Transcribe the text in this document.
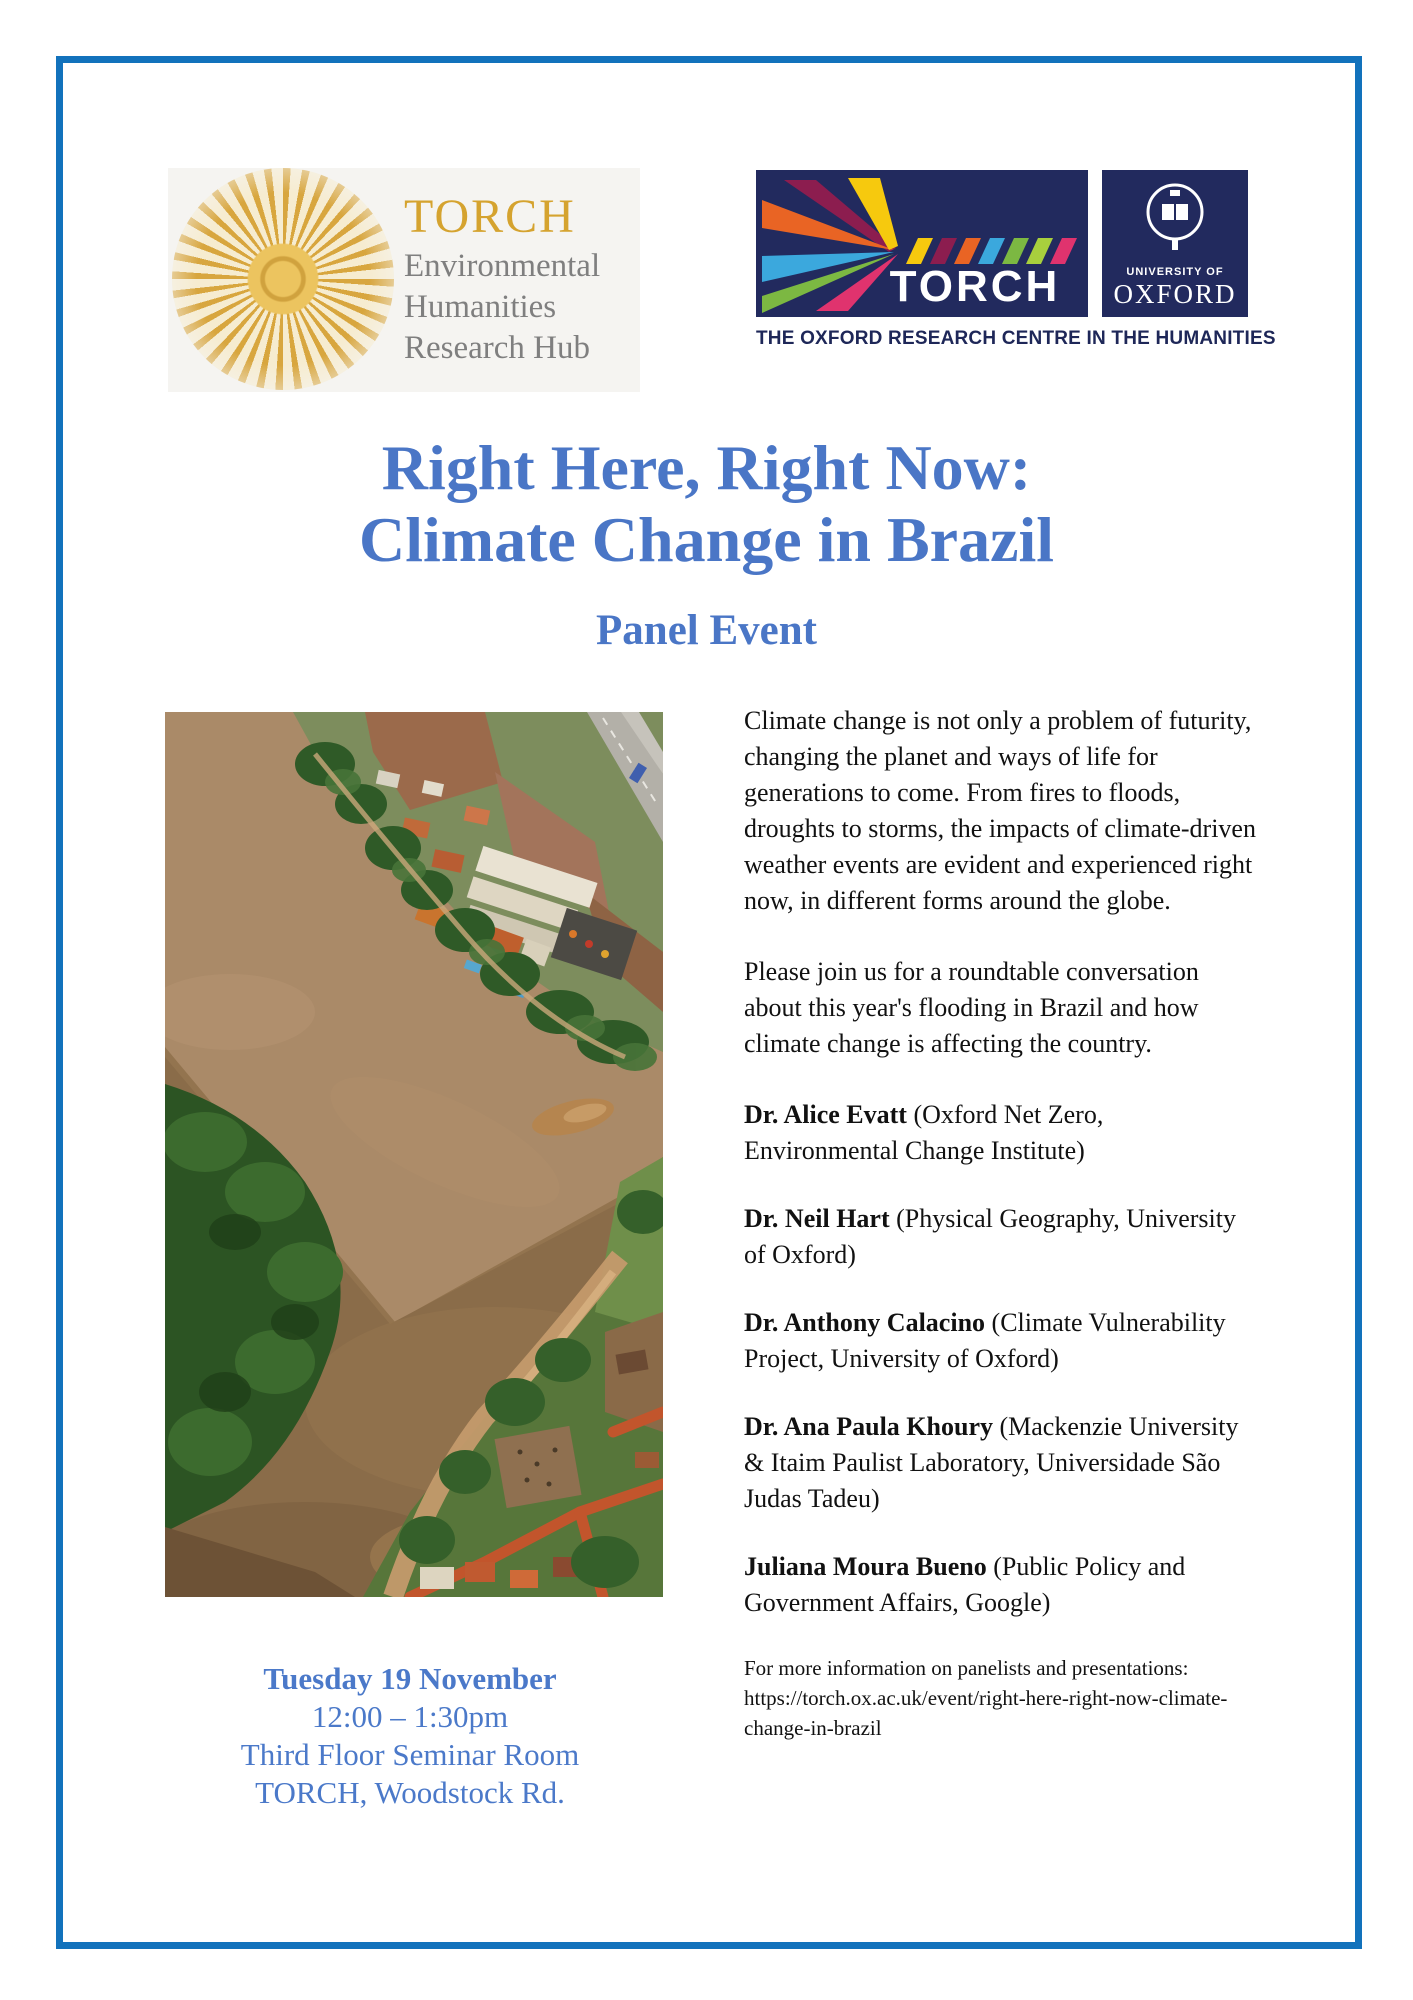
TORCH
Environmental
Humanities
Research Hub
TORCH	UNIVERSITY OF
OXFORD
THE OXFORD RESEARCH CENTRE IN THE HUMANITIES
Right Here, Right Now:
Climate Change in Brazil
Panel Event

Climate change is not only a problem of futurity, changing the planet and ways of life for generations to come. From fires to floods, droughts to storms, the impacts of climate-driven weather events are evident and experienced right now, in different forms around the globe.

Please join us for a roundtable conversation about this year's flooding in Brazil and how climate change is affecting the country.

Dr. Alice Evatt (Oxford Net Zero, Environmental Change Institute)

Dr. Neil Hart (Physical Geography, University of Oxford)

Dr. Anthony Calacino (Climate Vulnerability Project, University of Oxford)

Dr. Ana Paula Khoury (Mackenzie University & Itaim Paulist Laboratory, Universidade São Judas Tadeu)

Juliana Moura Bueno (Public Policy and Government Affairs, Google)

For more information on panelists and presentations: https://torch.ox.ac.uk/event/right-here-right-now-climate-change-in-brazil

Tuesday 19 November
12:00 – 1:30pm
Third Floor Seminar Room
TORCH, Woodstock Rd.
